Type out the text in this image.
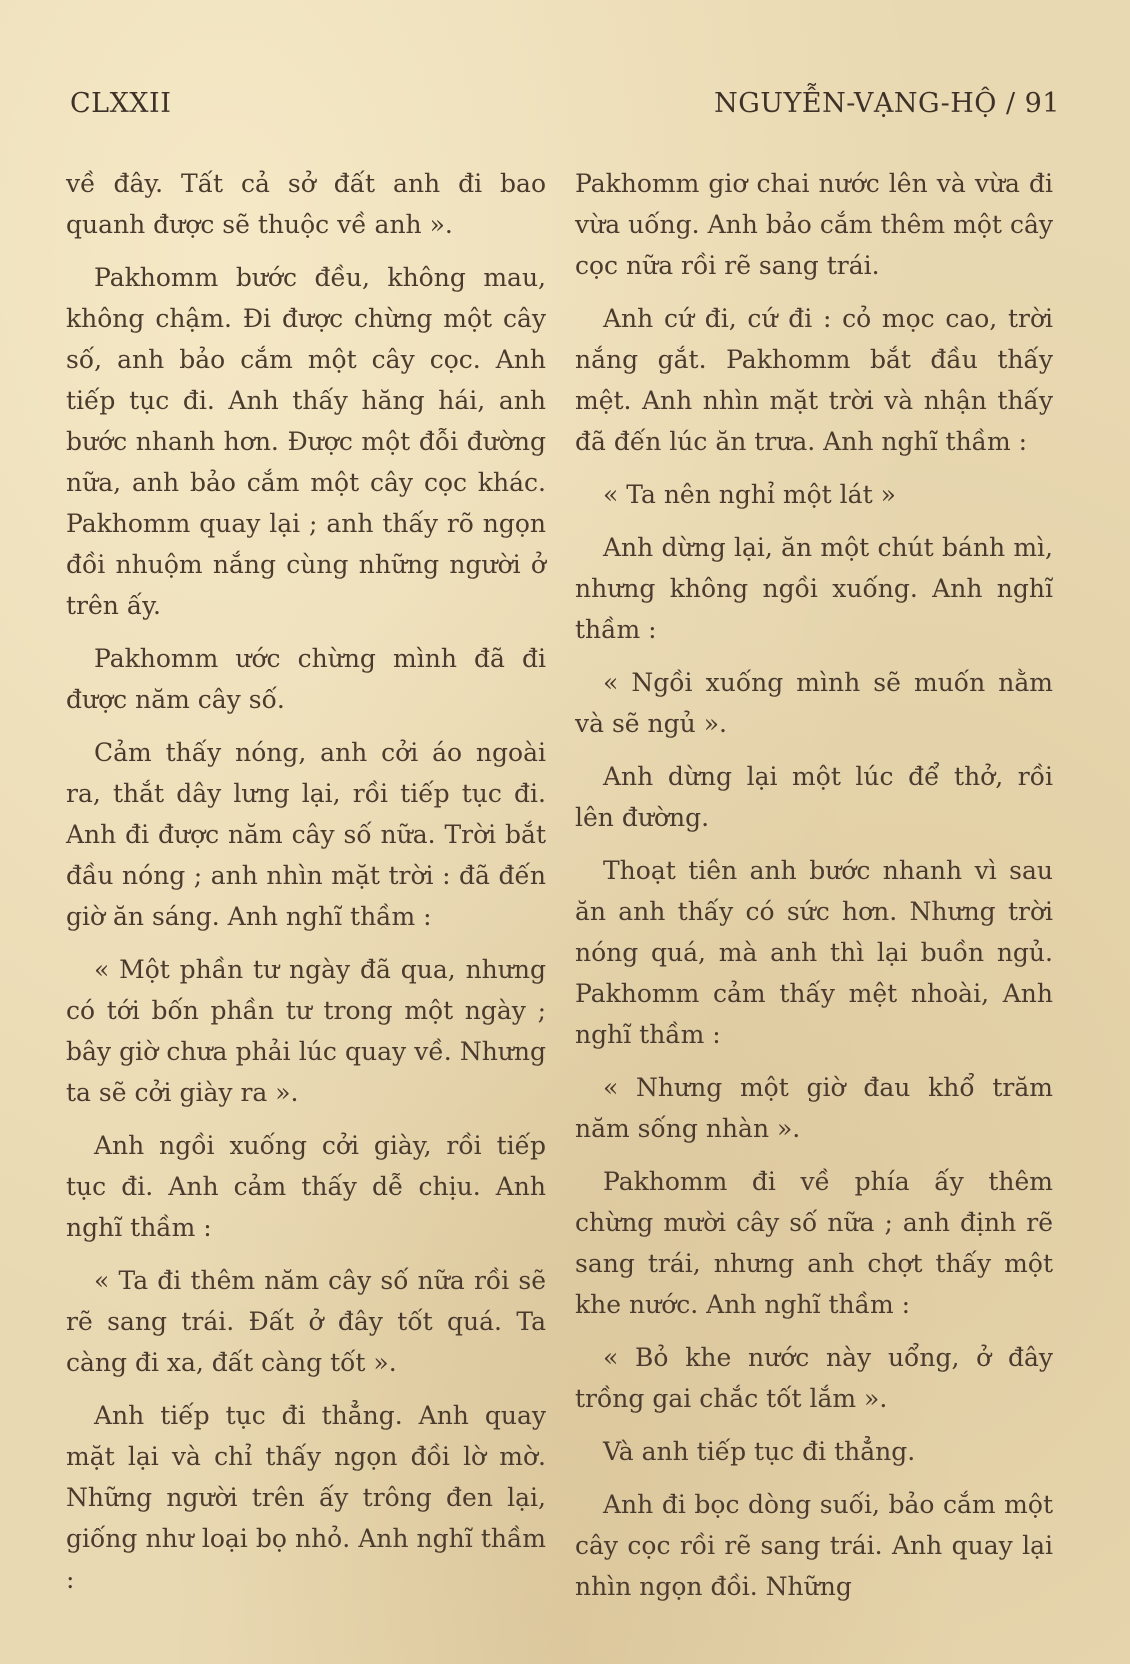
CLXXII	NGUYỄN-VẠNG-HỘ / 91

về đây. Tất cả sở đất anh đi bao quanh được sẽ thuộc về anh ».

Pakhomm bước đều, không mau, không chậm. Đi được chừng một cây số, anh bảo cắm một cây cọc. Anh tiếp tục đi. Anh thấy hăng hái, anh bước nhanh hơn. Được một đỗi đường nữa, anh bảo cắm một cây cọc khác. Pakhomm quay lại ; anh thấy rõ ngọn đồi nhuộm nắng cùng những người ở trên ấy.

Pakhomm ước chừng mình đã đi được năm cây số.

Cảm thấy nóng, anh cởi áo ngoài ra, thắt dây lưng lại, rồi tiếp tục đi. Anh đi được năm cây số nữa. Trời bắt đầu nóng ; anh nhìn mặt trời : đã đến giờ ăn sáng. Anh nghĩ thầm :

« Một phần tư ngày đã qua, nhưng có tới bốn phần tư trong một ngày ; bây giờ chưa phải lúc quay về. Nhưng ta sẽ cởi giày ra ».

Anh ngồi xuống cởi giày, rồi tiếp tục đi. Anh cảm thấy dễ chịu. Anh nghĩ thầm :

« Ta đi thêm năm cây số nữa rồi sẽ rẽ sang trái. Đất ở đây tốt quá. Ta càng đi xa, đất càng tốt ».

Anh tiếp tục đi thẳng. Anh quay mặt lại và chỉ thấy ngọn đồi lờ mờ. Những người trên ấy trông đen lại, giống như loại bọ nhỏ. Anh nghĩ thầm :

Pakhomm giơ chai nước lên và vừa đi vừa uống. Anh bảo cắm thêm một cây cọc nữa rồi rẽ sang trái.

Anh cứ đi, cứ đi : cỏ mọc cao, trời nắng gắt. Pakhomm bắt đầu thấy mệt. Anh nhìn mặt trời và nhận thấy đã đến lúc ăn trưa. Anh nghĩ thầm :

« Ta nên nghỉ một lát »

Anh dừng lại, ăn một chút bánh mì, nhưng không ngồi xuống. Anh nghĩ thầm :

« Ngồi xuống mình sẽ muốn nằm và sẽ ngủ ».

Anh dừng lại một lúc để thở, rồi lên đường.

Thoạt tiên anh bước nhanh vì sau ăn anh thấy có sức hơn. Nhưng trời nóng quá, mà anh thì lại buồn ngủ. Pakhomm cảm thấy mệt nhoài, Anh nghĩ thầm :

« Nhưng một giờ đau khổ trăm năm sống nhàn ».

Pakhomm đi về phía ấy thêm chừng mười cây số nữa ; anh định rẽ sang trái, nhưng anh chợt thấy một khe nước. Anh nghĩ thầm :

« Bỏ khe nước này uổng, ở đây trồng gai chắc tốt lắm ».

Và anh tiếp tục đi thẳng.

Anh đi bọc dòng suối, bảo cắm một cây cọc rồi rẽ sang trái. Anh quay lại nhìn ngọn đồi. Những
